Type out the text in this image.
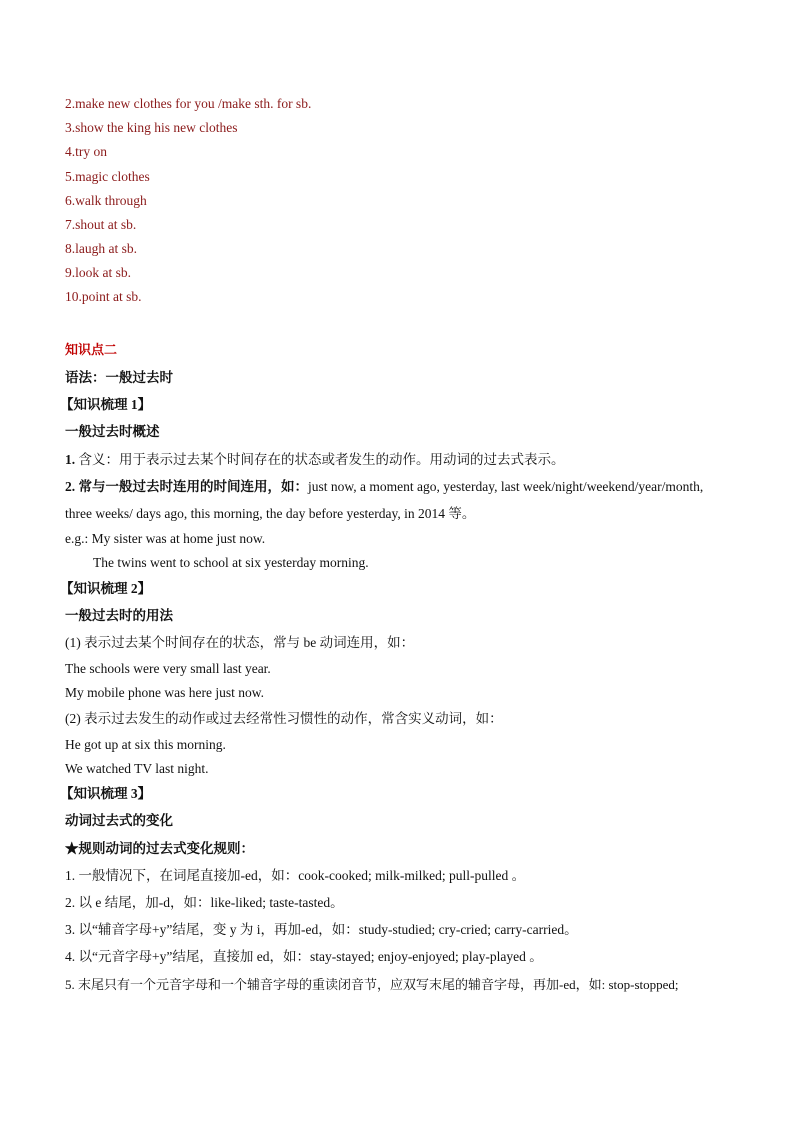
2.make new clothes for you /make sth. for sb.
3.show the king his new clothes
4.try on
5.magic clothes
6.walk through
7.shout at sb.
8.laugh at sb.
9.look at sb.
10.point at sb.
知识点二
语法：一般过去时
【知识梳理 1】
一般过去时概述
1. 含义：用于表示过去某个时间存在的状态或者发生的动作。用动词的过去式表示。
2. 常与一般过去时连用的时间连用，如：just now, a moment ago, yesterday, last week/night/weekend/year/month,
three weeks/ days ago, this morning, the day before yesterday, in 2014 等。
e.g.: My sister was at home just now.
The twins went to school at six yesterday morning.
【知识梳理 2】
一般过去时的用法
(1) 表示过去某个时间存在的状态，常与 be 动词连用，如：
The schools were very small last year.
My mobile phone was here just now.
(2) 表示过去发生的动作或过去经常性习惯性的动作，常含实义动词，如：
He got up at six this morning.
We watched TV last night.
【知识梳理 3】
动词过去式的变化
★规则动词的过去式变化规则：
1. 一般情况下，在词尾直接加-ed，如：cook-cooked; milk-milked; pull-pulled 。
2. 以 e 结尾，加-d，如：like-liked; taste-tasted。
3. 以“辅音字母+y”结尾，变 y 为 i，再加-ed，如：study-studied; cry-cried; carry-carried。
4. 以“元音字母+y”结尾，直接加 ed，如：stay-stayed; enjoy-enjoyed; play-played 。
5. 末尾只有一个元音字母和一个辅音字母的重读闭音节，应双写末尾的辅音字母，再加-ed，如: stop-stopped;
